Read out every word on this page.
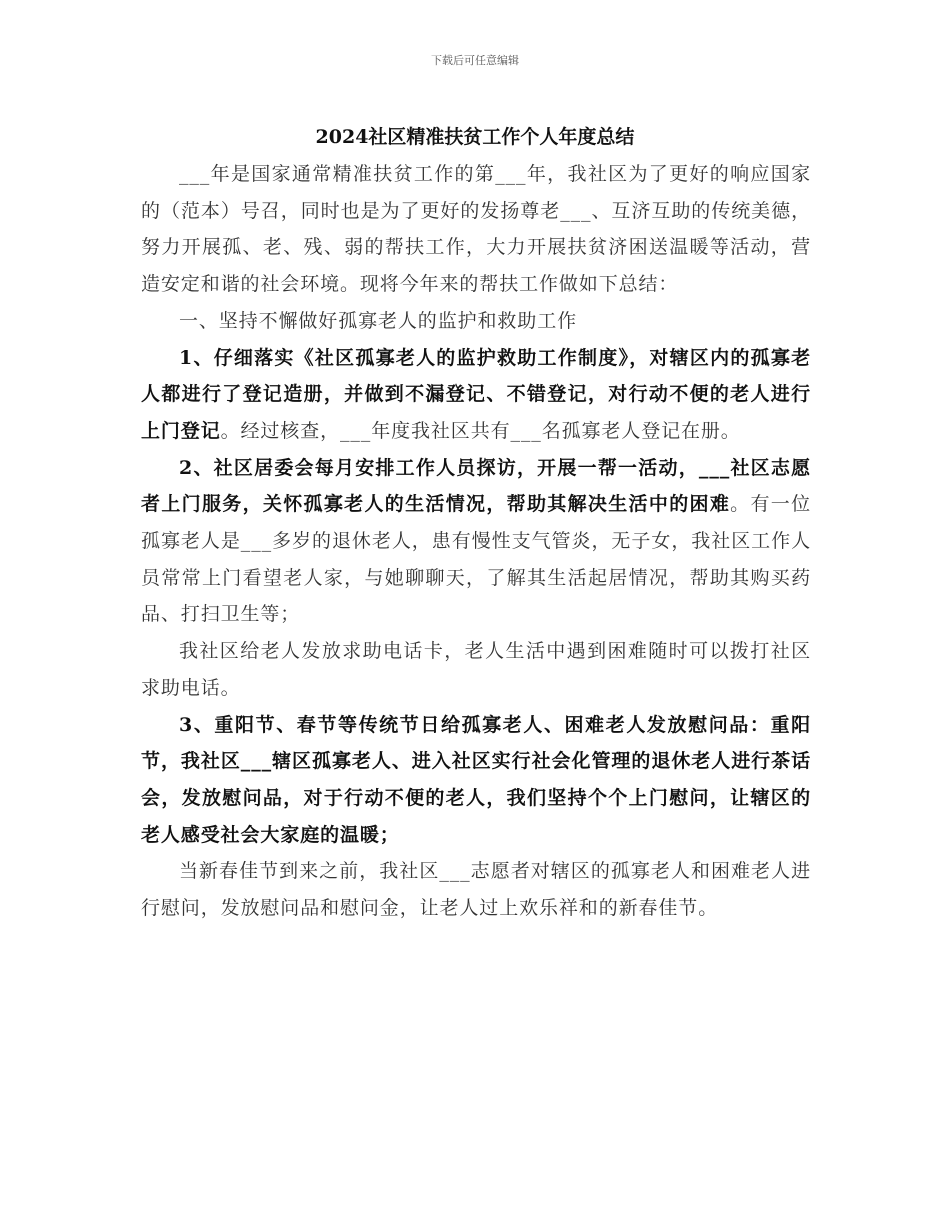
下载后可任意编辑
2024社区精准扶贫工作个人年度总结

___年是国家通常精准扶贫工作的第___年，我社区为了更好的响应国家的（范本）号召，同时也是为了更好的发扬尊老___、互济互助的传统美德，努力开展孤、老、残、弱的帮扶工作，大力开展扶贫济困送温暖等活动，营造安定和谐的社会环境。现将今年来的帮扶工作做如下总结：

一、坚持不懈做好孤寡老人的监护和救助工作

1、仔细落实《社区孤寡老人的监护救助工作制度》，对辖区内的孤寡老人都进行了登记造册，并做到不漏登记、不错登记，对行动不便的老人进行上门登记。经过核查，___年度我社区共有___名孤寡老人登记在册。

2、社区居委会每月安排工作人员探访，开展一帮一活动，___社区志愿者上门服务，关怀孤寡老人的生活情况，帮助其解决生活中的困难。有一位孤寡老人是___多岁的退休老人，患有慢性支气管炎，无子女，我社区工作人员常常上门看望老人家，与她聊聊天，了解其生活起居情况，帮助其购买药品、打扫卫生等；

我社区给老人发放求助电话卡，老人生活中遇到困难随时可以拨打社区求助电话。

3、重阳节、春节等传统节日给孤寡老人、困难老人发放慰问品：重阳节，我社区___辖区孤寡老人、进入社区实行社会化管理的退休老人进行茶话会，发放慰问品，对于行动不便的老人，我们坚持个个上门慰问，让辖区的老人感受社会大家庭的温暖；

当新春佳节到来之前，我社区___志愿者对辖区的孤寡老人和困难老人进行慰问，发放慰问品和慰问金，让老人过上欢乐祥和的新春佳节。
